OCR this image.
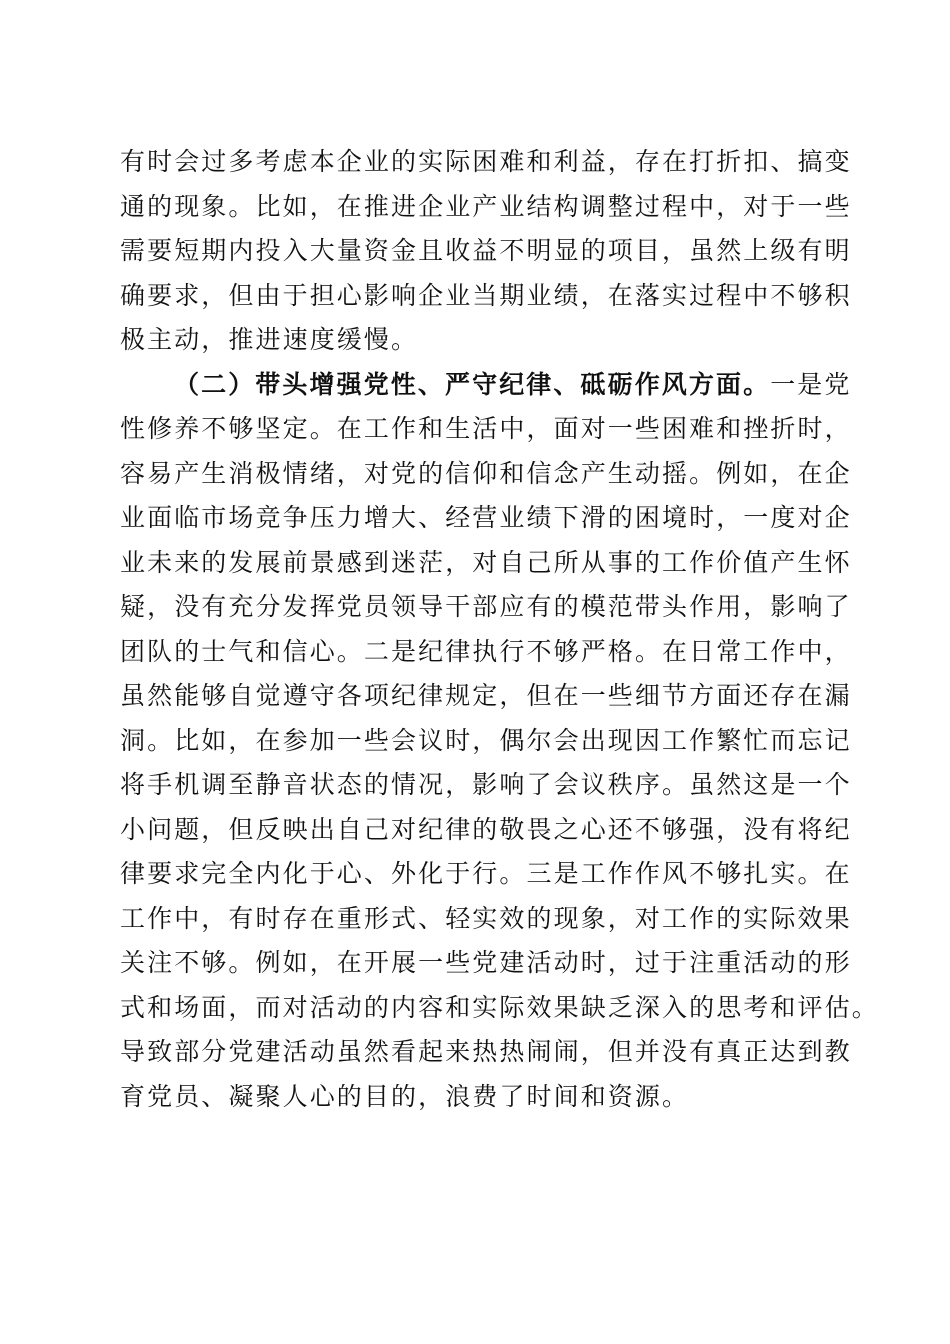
有时会过多考虑本企业的实际困难和利益，存在打折扣、搞变
通的现象。比如，在推进企业产业结构调整过程中，对于一些
需要短期内投入大量资金且收益不明显的项目，虽然上级有明
确要求，但由于担心影响企业当期业绩，在落实过程中不够积
极主动，推进速度缓慢。
（二）带头增强党性、严守纪律、砥砺作风方面。一是党
性修养不够坚定。在工作和生活中，面对一些困难和挫折时，
容易产生消极情绪，对党的信仰和信念产生动摇。例如，在企
业面临市场竞争压力增大、经营业绩下滑的困境时，一度对企
业未来的发展前景感到迷茫，对自己所从事的工作价值产生怀
疑，没有充分发挥党员领导干部应有的模范带头作用，影响了
团队的士气和信心。二是纪律执行不够严格。在日常工作中，
虽然能够自觉遵守各项纪律规定，但在一些细节方面还存在漏
洞。比如，在参加一些会议时，偶尔会出现因工作繁忙而忘记
将手机调至静音状态的情况，影响了会议秩序。虽然这是一个
小问题，但反映出自己对纪律的敬畏之心还不够强，没有将纪
律要求完全内化于心、外化于行。三是工作作风不够扎实。在
工作中，有时存在重形式、轻实效的现象，对工作的实际效果
关注不够。例如，在开展一些党建活动时，过于注重活动的形
式和场面，而对活动的内容和实际效果缺乏深入的思考和评估。
导致部分党建活动虽然看起来热热闹闹，但并没有真正达到教
育党员、凝聚人心的目的，浪费了时间和资源。
